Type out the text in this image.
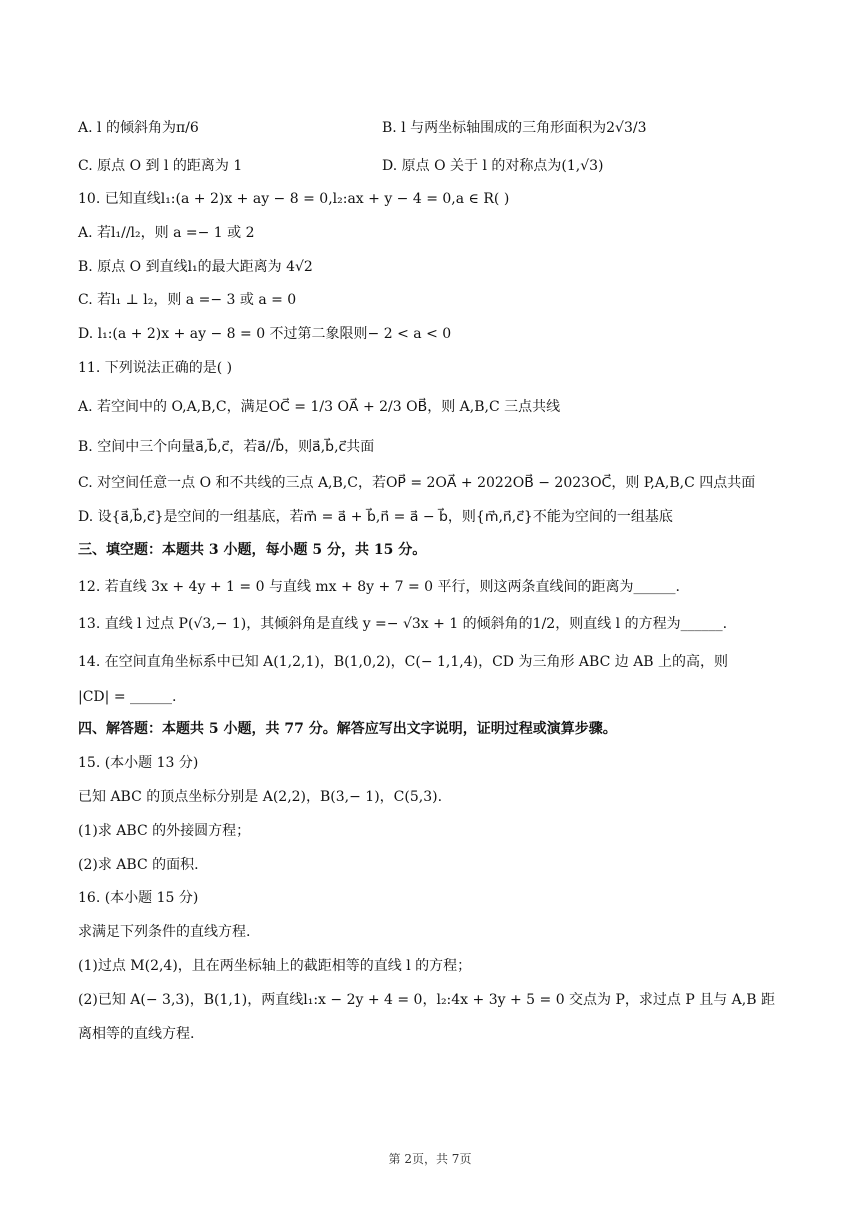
A. l 的倾斜角为π/6	B. l 与两坐标轴围成的三角形面积为2√3/3
C. 原点 O 到 l 的距离为 1	D. 原点 O 关于 l 的对称点为(1,√3)
10. 已知直线l₁:(a + 2)x + ay − 8 = 0,l₂:ax + y − 4 = 0,a ∈ R( )
A. 若l₁//l₂，则 a =− 1 或 2
B. 原点 O 到直线l₁的最大距离为 4√2
C. 若l₁ ⊥ l₂，则 a =− 3 或 a = 0
D. l₁:(a + 2)x + ay − 8 = 0 不过第二象限则− 2 < a < 0
11. 下列说法正确的是( )
A. 若空间中的 O,A,B,C，满足OC⃗ = 1/3 OA⃗ + 2/3 OB⃗，则 A,B,C 三点共线
B. 空间中三个向量a⃗,b⃗,c⃗，若a⃗//b⃗，则a⃗,b⃗,c⃗共面
C. 对空间任意一点 O 和不共线的三点 A,B,C，若OP⃗ = 2OA⃗ + 2022OB⃗ − 2023OC⃗，则 P,A,B,C 四点共面
D. 设{a⃗,b⃗,c⃗}是空间的一组基底，若m⃗ = a⃗ + b⃗,n⃗ = a⃗ − b⃗，则{m⃗,n⃗,c⃗}不能为空间的一组基底
三、填空题：本题共 3 小题，每小题 5 分，共 15 分。
12. 若直线 3x + 4y + 1 = 0 与直线 mx + 8y + 7 = 0 平行，则这两条直线间的距离为______.
13. 直线 l 过点 P(√3,− 1)，其倾斜角是直线 y =− √3x + 1 的倾斜角的1/2，则直线 l 的方程为______.
14. 在空间直角坐标系中已知 A(1,2,1)，B(1,0,2)，C(− 1,1,4)，CD 为三角形 ABC 边 AB 上的高，则
|CD| = ______.
四、解答题：本题共 5 小题，共 77 分。解答应写出文字说明，证明过程或演算步骤。
15. (本小题 13 分)
已知 ABC 的顶点坐标分别是 A(2,2)，B(3,− 1)，C(5,3).
(1)求 ABC 的外接圆方程；
(2)求 ABC 的面积.
16. (本小题 15 分)
求满足下列条件的直线方程.
(1)过点 M(2,4)，且在两坐标轴上的截距相等的直线 l 的方程；
(2)已知 A(− 3,3)，B(1,1)，两直线l₁:x − 2y + 4 = 0，l₂:4x + 3y + 5 = 0 交点为 P，求过点 P 且与 A,B 距
离相等的直线方程.
第 2页，共 7页
